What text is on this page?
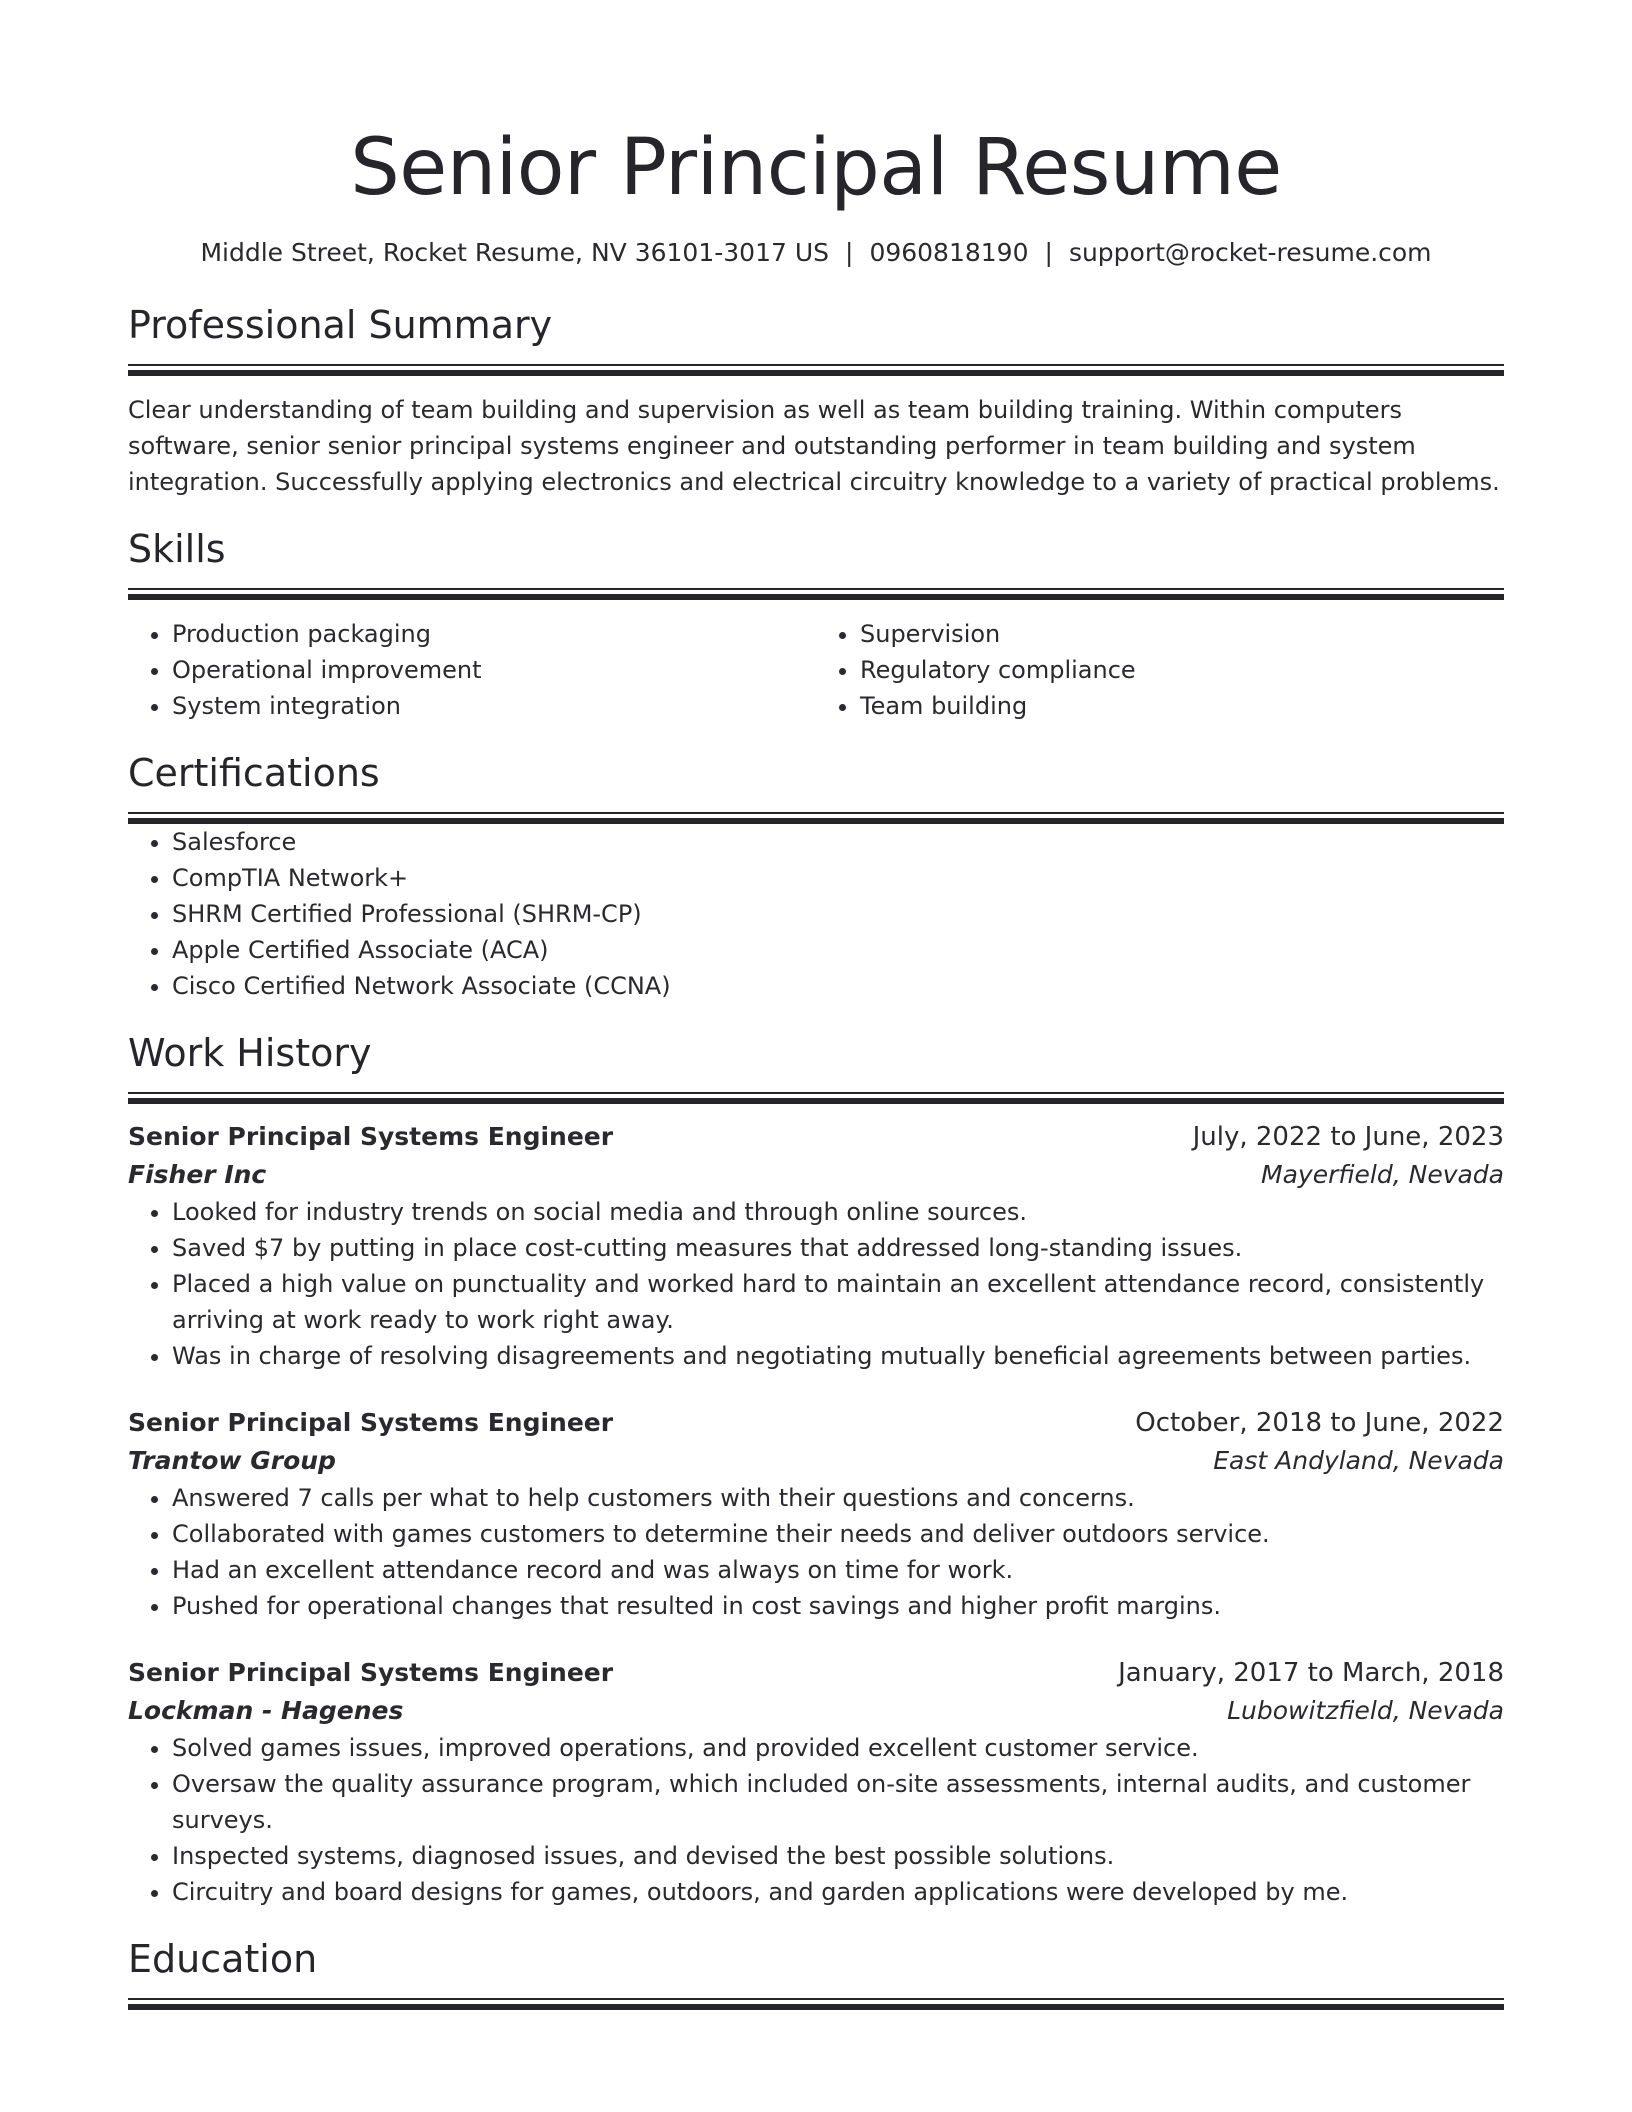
Senior Principal Resume
Middle Street, Rocket Resume, NV 36101-3017 US | 0960818190 | support@rocket-resume.com
Professional Summary
Clear understanding of team building and supervision as well as team building training. Within computers software, senior senior principal systems engineer and outstanding performer in team building and system integration. Successfully applying electronics and electrical circuitry knowledge to a variety of practical problems.
Skills
• Production packaging
• Operational improvement
• System integration
• Supervision
• Regulatory compliance
• Team building
Certifications
• Salesforce
• CompTIA Network+
• SHRM Certified Professional (SHRM-CP)
• Apple Certified Associate (ACA)
• Cisco Certified Network Associate (CCNA)
Work History
Senior Principal Systems Engineer	July, 2022 to June, 2023
Fisher Inc	Mayerfield, Nevada
• Looked for industry trends on social media and through online sources.
• Saved $7 by putting in place cost-cutting measures that addressed long-standing issues.
• Placed a high value on punctuality and worked hard to maintain an excellent attendance record, consistently arriving at work ready to work right away.
• Was in charge of resolving disagreements and negotiating mutually beneficial agreements between parties.
Senior Principal Systems Engineer	October, 2018 to June, 2022
Trantow Group	East Andyland, Nevada
• Answered 7 calls per what to help customers with their questions and concerns.
• Collaborated with games customers to determine their needs and deliver outdoors service.
• Had an excellent attendance record and was always on time for work.
• Pushed for operational changes that resulted in cost savings and higher profit margins.
Senior Principal Systems Engineer	January, 2017 to March, 2018
Lockman - Hagenes	Lubowitzfield, Nevada
• Solved games issues, improved operations, and provided excellent customer service.
• Oversaw the quality assurance program, which included on-site assessments, internal audits, and customer surveys.
• Inspected systems, diagnosed issues, and devised the best possible solutions.
• Circuitry and board designs for games, outdoors, and garden applications were developed by me.
Education
